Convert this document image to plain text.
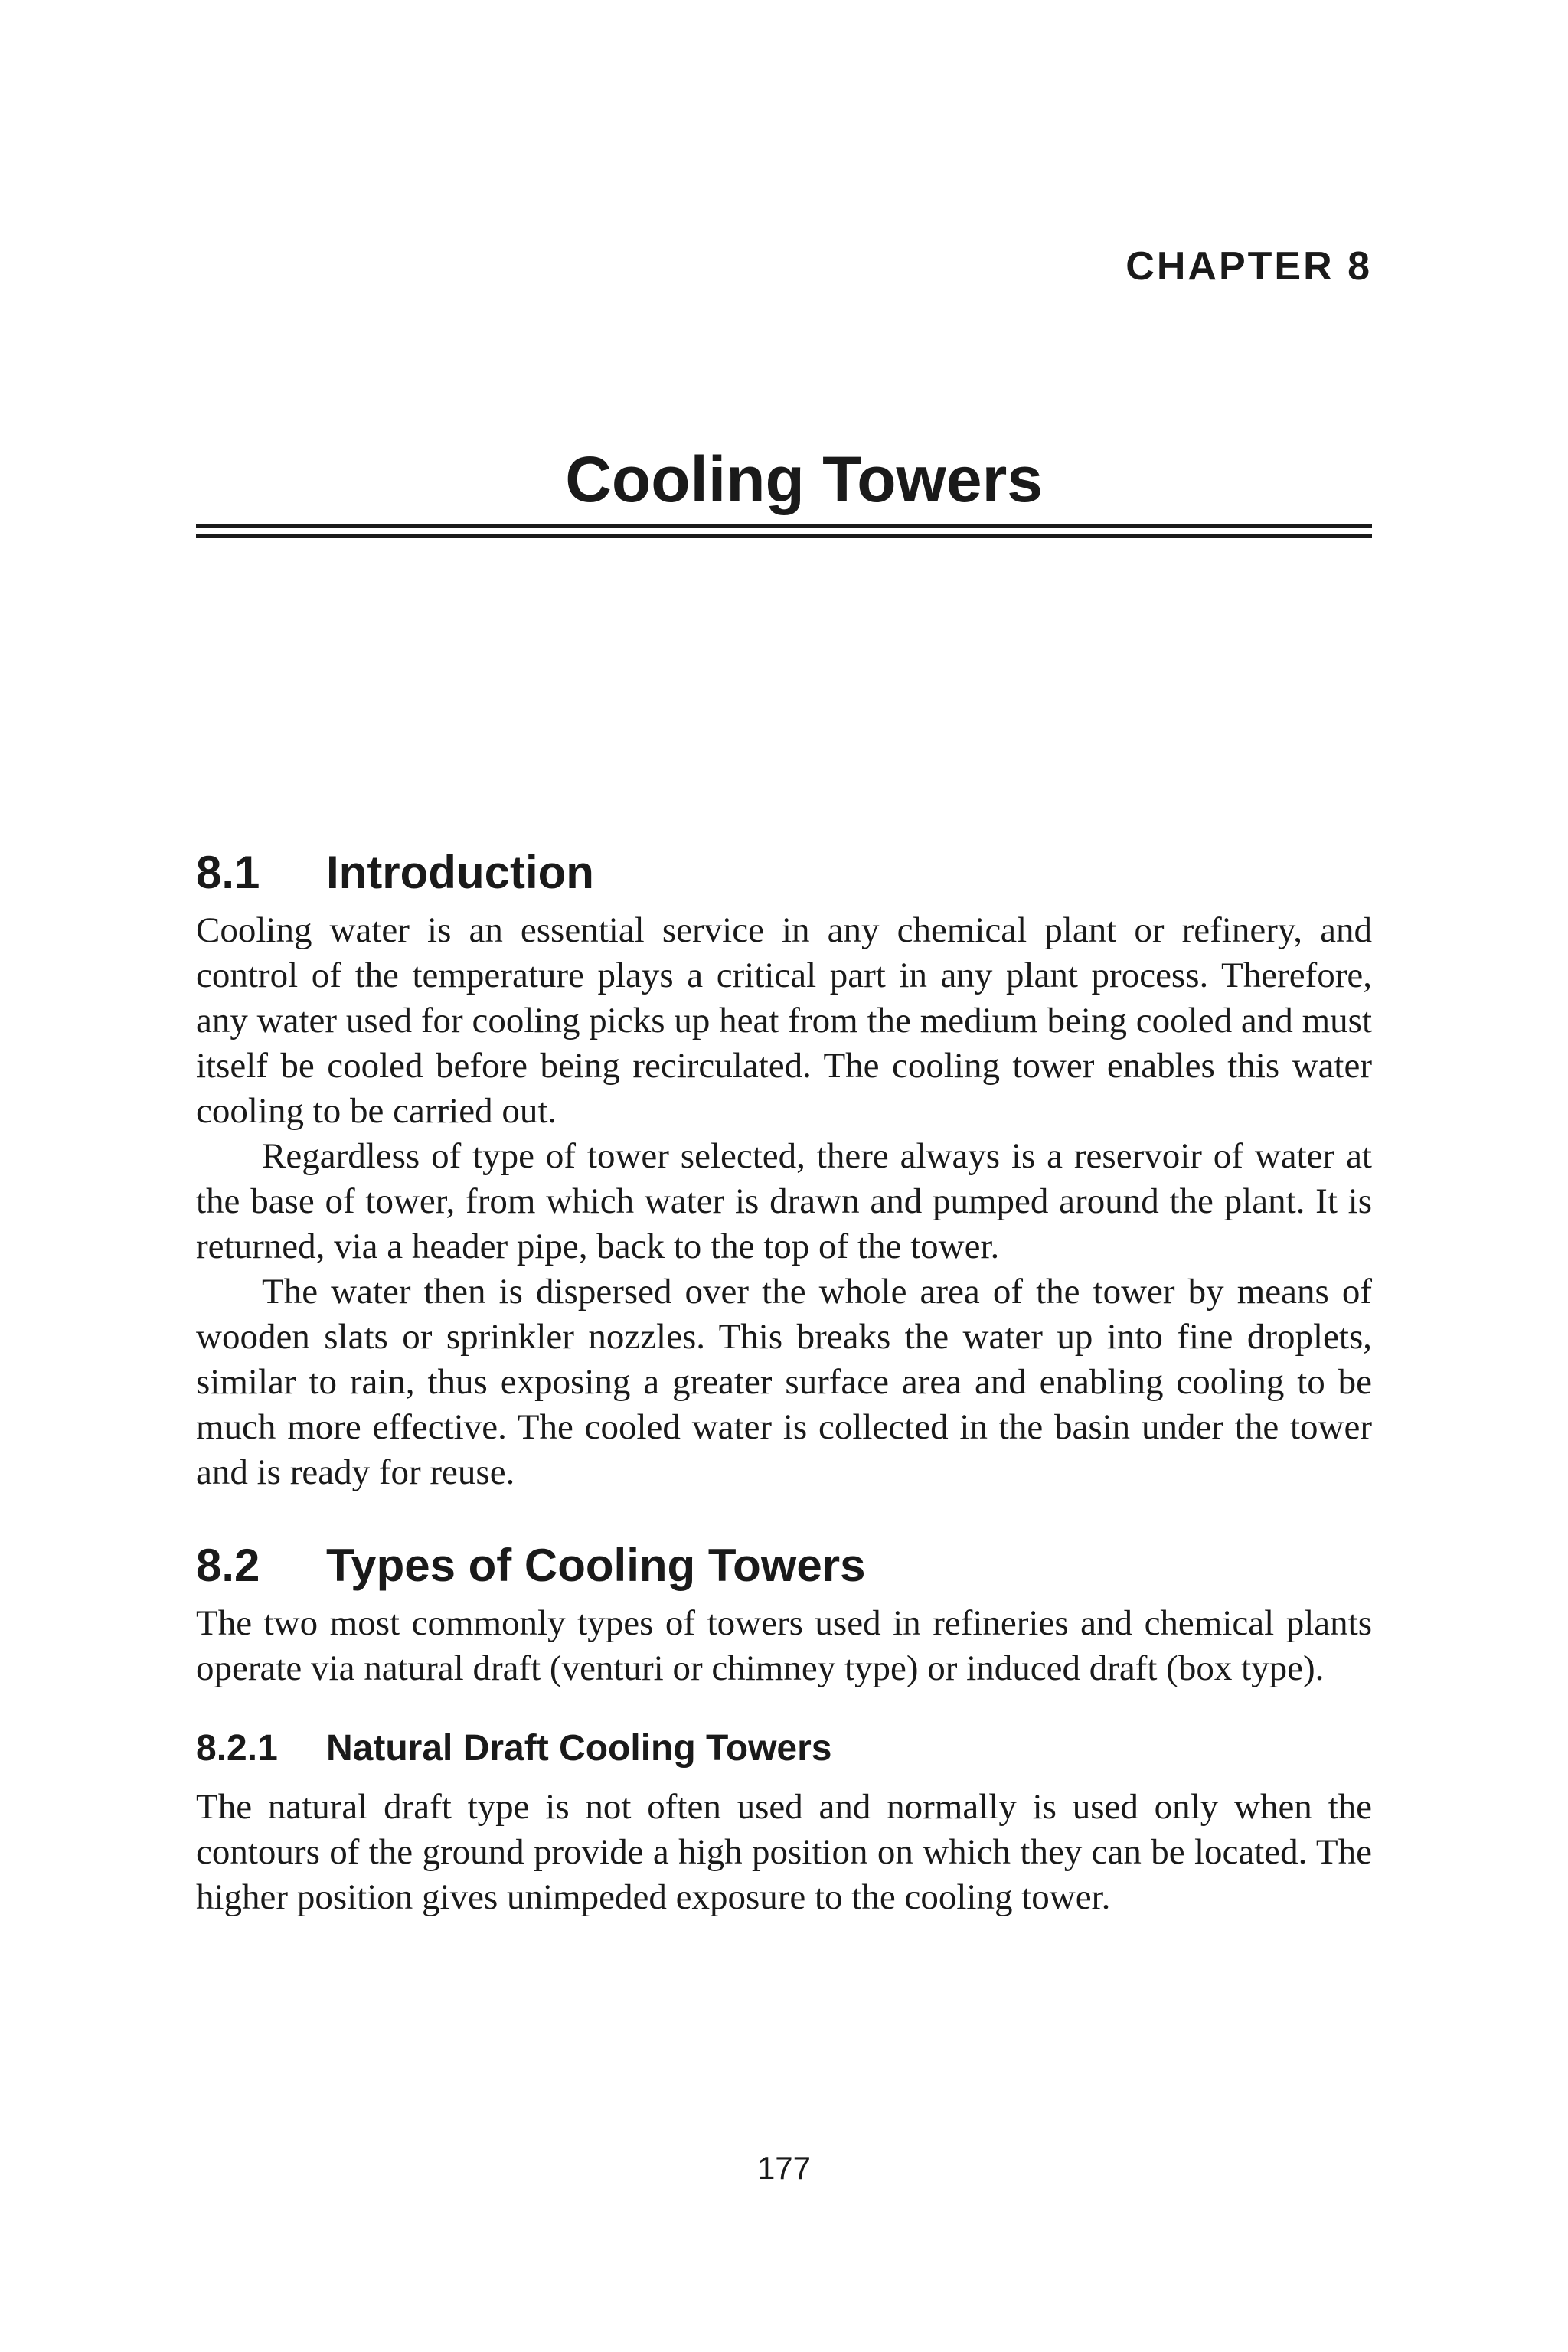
CHAPTER 8

Cooling Towers
8.1 Introduction

Cooling water is an essential service in any chemical plant or refinery, and control of the temperature plays a critical part in any plant process. Therefore, any water used for cooling picks up heat from the medium being cooled and must itself be cooled before being recirculated. The cooling tower enables this water cooling to be carried out.

Regardless of type of tower selected, there always is a reservoir of water at the base of tower, from which water is drawn and pumped around the plant. It is returned, via a header pipe, back to the top of the tower.

The water then is dispersed over the whole area of the tower by means of wooden slats or sprinkler nozzles. This breaks the water up into fine droplets, similar to rain, thus exposing a greater surface area and enabling cooling to be much more effective. The cooled water is collected in the basin under the tower and is ready for reuse.

8.2 Types of Cooling Towers

The two most commonly types of towers used in refineries and chemical plants operate via natural draft (venturi or chimney type) or induced draft (box type).

8.2.1 Natural Draft Cooling Towers

The natural draft type is not often used and normally is used only when the contours of the ground provide a high position on which they can be located. The higher position gives unimpeded exposure to the cooling tower.

177
